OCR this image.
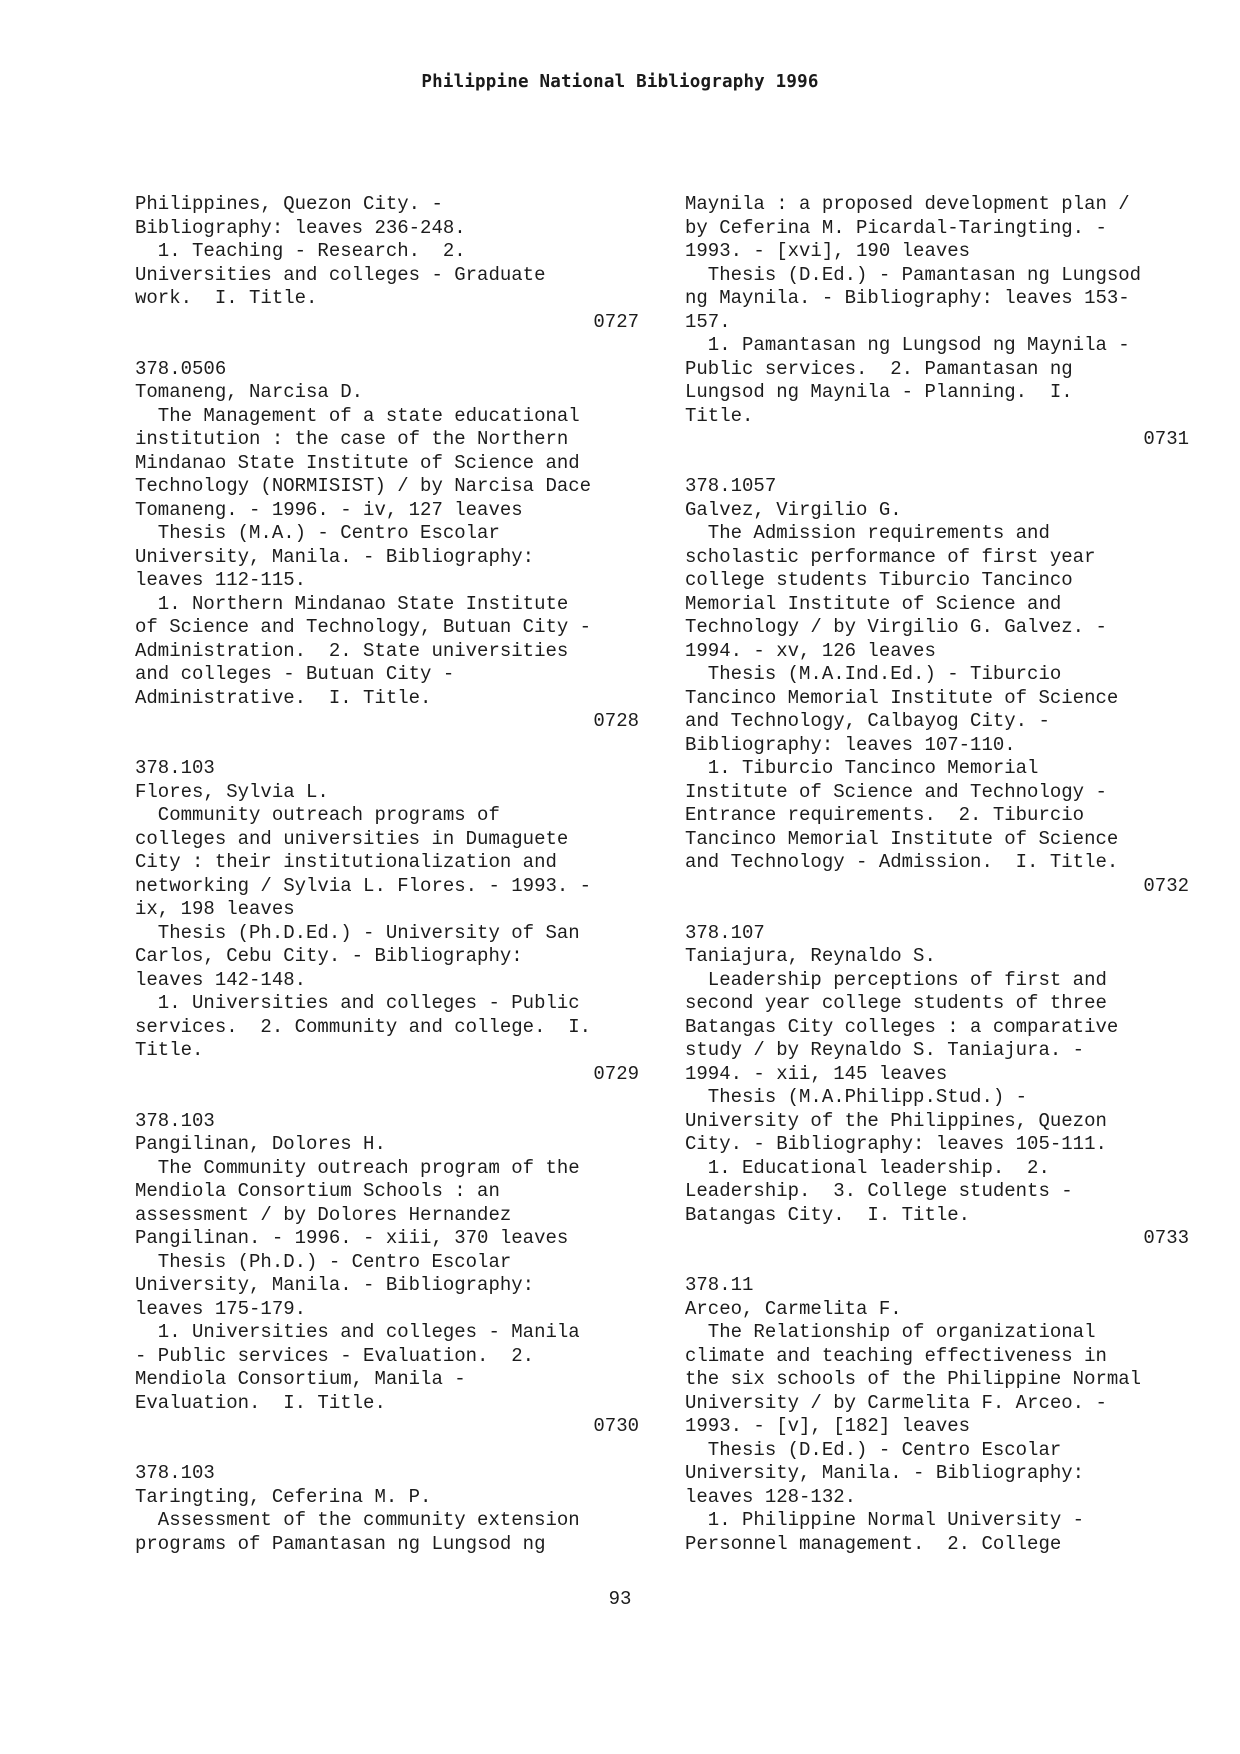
Philippine National Bibliography 1996
Philippines, Quezon City. -
Bibliography: leaves 236-248.
1. Teaching - Research.  2.
Universities and colleges - Graduate
work.  I. Title.
0727
378.0506
Tomaneng, Narcisa D.
The Management of a state educational
institution : the case of the Northern
Mindanao State Institute of Science and
Technology (NORMISIST) / by Narcisa Dace
Tomaneng. - 1996. - iv, 127 leaves
Thesis (M.A.) - Centro Escolar
University, Manila. - Bibliography:
leaves 112-115.
1. Northern Mindanao State Institute
of Science and Technology, Butuan City -
Administration.  2. State universities
and colleges - Butuan City -
Administrative.  I. Title.
0728
378.103
Flores, Sylvia L.
Community outreach programs of
colleges and universities in Dumaguete
City : their institutionalization and
networking / Sylvia L. Flores. - 1993. -
ix, 198 leaves
Thesis (Ph.D.Ed.) - University of San
Carlos, Cebu City. - Bibliography:
leaves 142-148.
1. Universities and colleges - Public
services.  2. Community and college.  I.
Title.
0729
378.103
Pangilinan, Dolores H.
The Community outreach program of the
Mendiola Consortium Schools : an
assessment / by Dolores Hernandez
Pangilinan. - 1996. - xiii, 370 leaves
Thesis (Ph.D.) - Centro Escolar
University, Manila. - Bibliography:
leaves 175-179.
1. Universities and colleges - Manila
- Public services - Evaluation.  2.
Mendiola Consortium, Manila -
Evaluation.  I. Title.
0730
378.103
Taringting, Ceferina M. P.
Assessment of the community extension
programs of Pamantasan ng Lungsod ng
Maynila : a proposed development plan /
by Ceferina M. Picardal-Taringting. -
1993. - [xvi], 190 leaves
Thesis (D.Ed.) - Pamantasan ng Lungsod
ng Maynila. - Bibliography: leaves 153-
157.
1. Pamantasan ng Lungsod ng Maynila -
Public services.  2. Pamantasan ng
Lungsod ng Maynila - Planning.  I.
Title.
0731
378.1057
Galvez, Virgilio G.
The Admission requirements and
scholastic performance of first year
college students Tiburcio Tancinco
Memorial Institute of Science and
Technology / by Virgilio G. Galvez. -
1994. - xv, 126 leaves
Thesis (M.A.Ind.Ed.) - Tiburcio
Tancinco Memorial Institute of Science
and Technology, Calbayog City. -
Bibliography: leaves 107-110.
1. Tiburcio Tancinco Memorial
Institute of Science and Technology -
Entrance requirements.  2. Tiburcio
Tancinco Memorial Institute of Science
and Technology - Admission.  I. Title.
0732
378.107
Taniajura, Reynaldo S.
Leadership perceptions of first and
second year college students of three
Batangas City colleges : a comparative
study / by Reynaldo S. Taniajura. -
1994. - xii, 145 leaves
Thesis (M.A.Philipp.Stud.) -
University of the Philippines, Quezon
City. - Bibliography: leaves 105-111.
1. Educational leadership.  2.
Leadership.  3. College students -
Batangas City.  I. Title.
0733
378.11
Arceo, Carmelita F.
The Relationship of organizational
climate and teaching effectiveness in
the six schools of the Philippine Normal
University / by Carmelita F. Arceo. -
1993. - [v], [182] leaves
Thesis (D.Ed.) - Centro Escolar
University, Manila. - Bibliography:
leaves 128-132.
1. Philippine Normal University -
Personnel management.  2. College
93
